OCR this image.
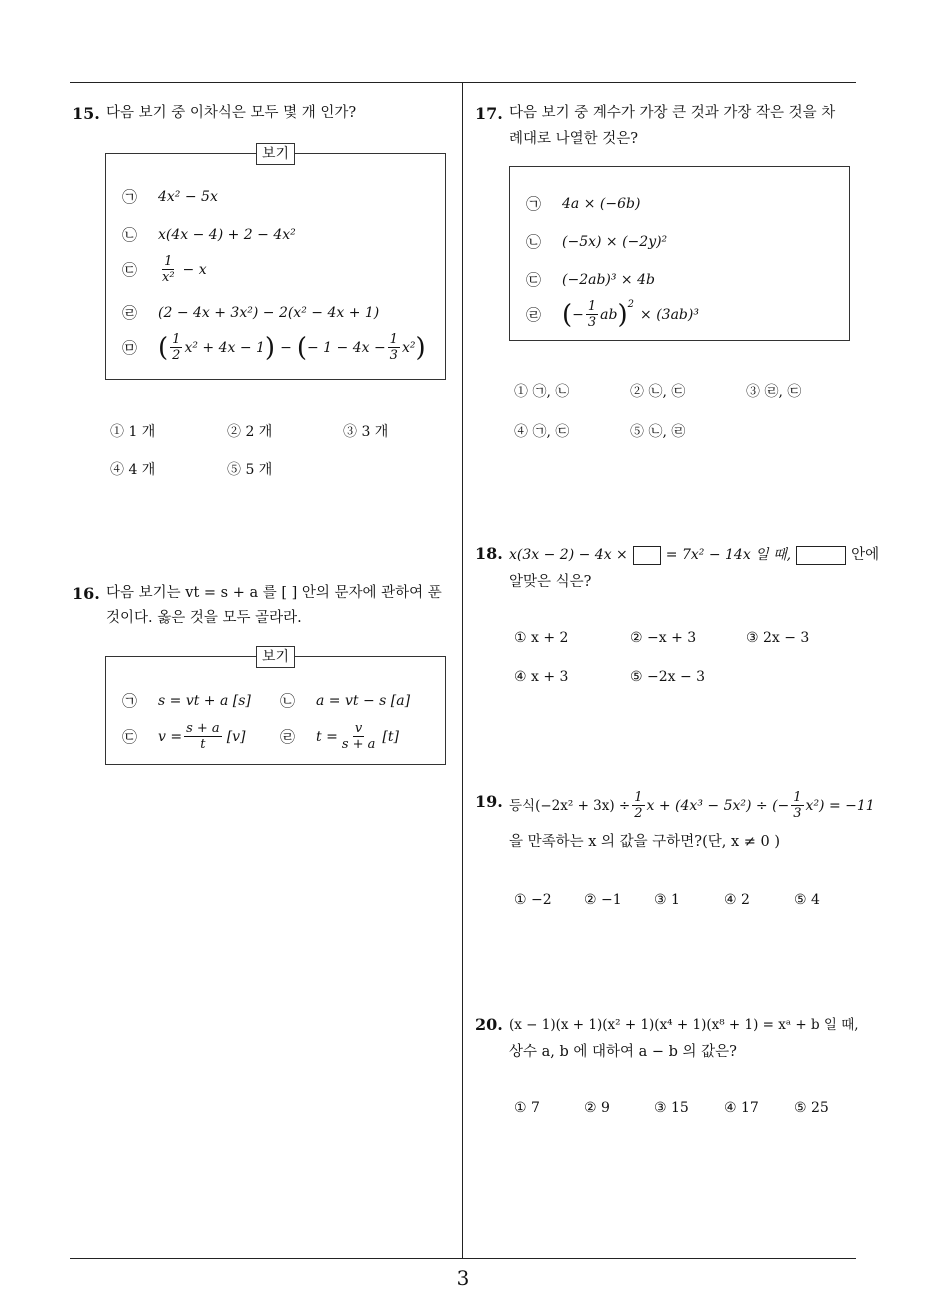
15. 다음 보기 중 이차식은 모두 몇 개 인가?
보기
㉠	4x² − 5x
㉡	x(4x − 4) + 2 − 4x²
㉢	$\frac{1}{\text{x²}} - x$
㉣	(2 − 4x + 3x²) − 2(x² − 4x + 1)
㉤ ( $\frac{1}{2} x^2 + 4x - 1$ ) − ( − $1 - 4x - \frac{1}{3} x^2$ )
① 1 개	② 2 개	③ 3 개
④ 4 개	⑤ 5 개
16. 다음 보기는 vt = s + a 를 [ ] 안의 문자에 관하여 푼
것이다. 옳은 것을 모두 골라라.
보기
㉠	s = vt + a [s] ㉡	a = vt − s [a]
㉢	$v = \frac{s + a}{t} [v]$ ㉣	$t = \frac{v}{s + a} [t]$
17. 다음 보기 중 계수가 가장 큰 것과 가장 작은 것을 차
례대로 나열한 것은?
㉠	4a × (−6b)
㉡	(−5x) × (−2y)²
㉢	(−2ab)³ × 4b
㉣ ( − $\frac{1}{3}$ ab )$^2$
× (3ab)³
① ㉠, ㉡	② ㉡, ㉢	③ ㉣, ㉢
④ ㉠, ㉢	⑤ ㉡, ㉣
18. x(3x − 2) − 4x ×	= 7x² − 14x 일 때,	안에
알맞은 식은?
① x + 2	② −x + 3	③ 2x − 3
④ x + 3	⑤ −2x − 3
19. 등식$(-2x^2 + 3x) \div \frac{1}{2}$ x + (4x³ − 5x²) ÷ (− $\frac{1}{3} x^2) = -11$
을 만족하는 x 의 값을 구하면?(단, x ≠ 0 )
① −2 ② −1 ③ 1	④ 2	⑤ 4
20. (x − 1)(x + 1)(x² + 1)(x⁴ + 1)(x⁸ + 1) = xᵃ + b 일 때,
상수 a, b 에 대하여 a − b 의 값은?
① 7	② 9	③ 15	④ 17	⑤ 25
3
